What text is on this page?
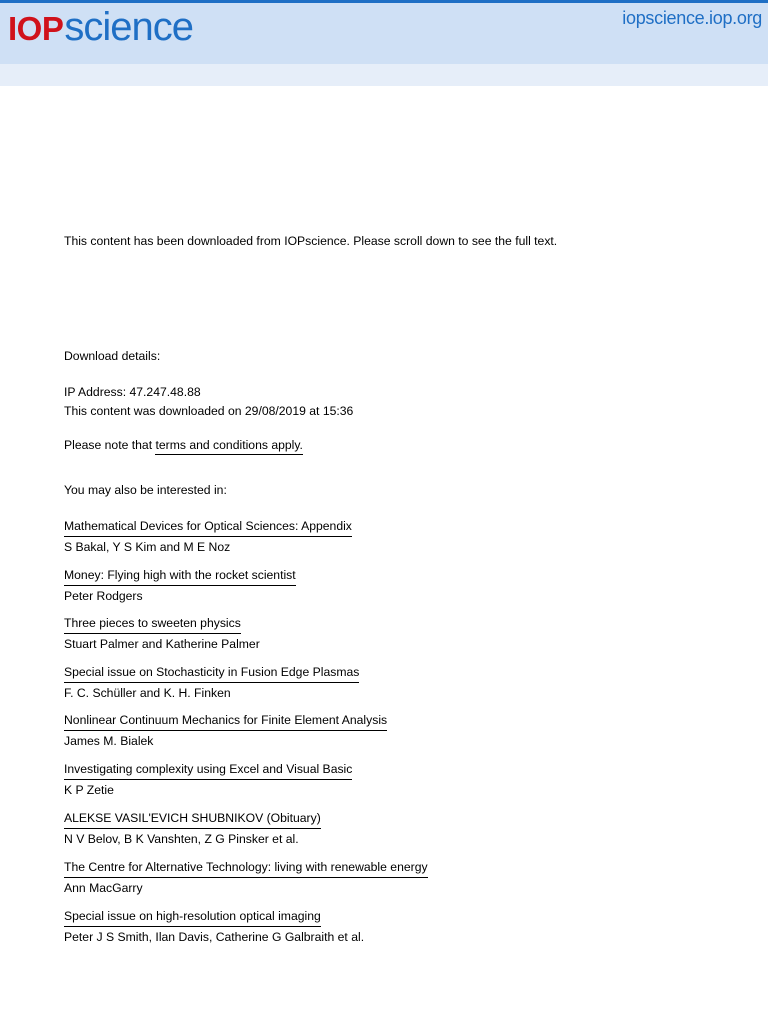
IOPscience	iopscience.iop.org
This content has been downloaded from IOPscience. Please scroll down to see the full text.
Download details:
IP Address: 47.247.48.88
This content was downloaded on 29/08/2019 at 15:36
Please note that terms and conditions apply.
You may also be interested in:
Mathematical Devices for Optical Sciences: Appendix
S Bakal, Y S Kim and M E Noz
Money: Flying high with the rocket scientist
Peter Rodgers
Three pieces to sweeten physics
Stuart Palmer and Katherine Palmer
Special issue on Stochasticity in Fusion Edge Plasmas
F. C. Schüller and K. H. Finken
Nonlinear Continuum Mechanics for Finite Element Analysis
James M. Bialek
Investigating complexity using Excel and Visual Basic
K P Zetie
ALEKSE VASIL'EVICH SHUBNIKOV (Obituary)
N V Belov, B K Vanshten, Z G Pinsker et al.
The Centre for Alternative Technology: living with renewable energy
Ann MacGarry
Special issue on high-resolution optical imaging
Peter J S Smith, Ilan Davis, Catherine G Galbraith et al.
